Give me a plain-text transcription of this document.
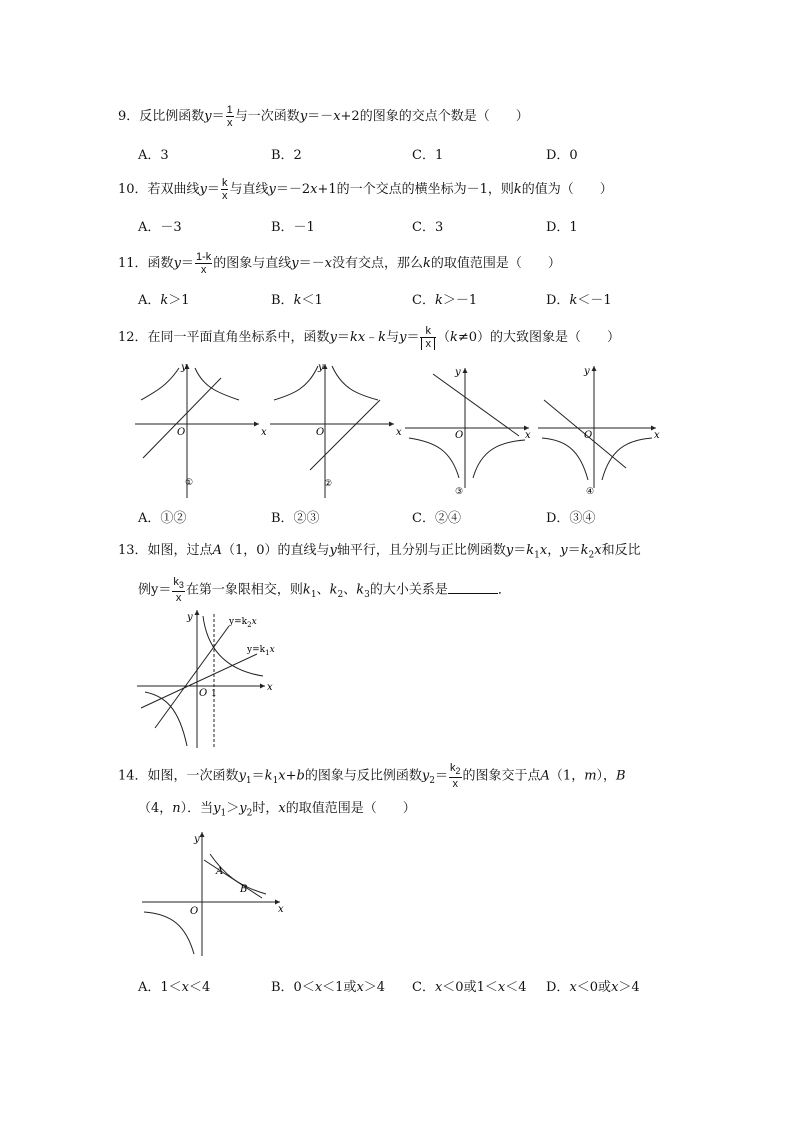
9．反比例函数$y= \frac{1}{x}$ 与一次函数y＝－x+2的图象的交点个数是（　　）
A．3	B．2	C．1	D．0
10．若双曲线$y= \frac{k}{x}$ 与直线y＝－2x+1的一个交点的横坐标为－1，则k的值为（　　）
A．－3	B．－1	C．3	D．1
11．函数$y= \frac{1-k}{x}$ 的图象与直线y＝－x没有交点，那么k的取值范围是（　　）
A．k＞1	B．k＜1	C．k＞－1	D．k＜－1
12．在同一平面直角坐标系中，函数y＝kx﹣k与$y= \frac{k}{x} (k\ne 0)$的大致图象是（　　）
x
y
O
①
x
y
O
②
x
y
O
③
x
y
O
④
A．①②	B．②③	C．②④	D．③④
13．如图，过点A（1，0）的直线与y轴平行，且分别与正比例函数$y=k_1x$，$y=k_2x$和反比
例$y= \frac{k_3}{x}$ 在第一象限相交，则$k_1$、$k_2$、$k_3$的大小关系是	．
y
x
O 1
$y=k_2x$
$y=k_1x$
14．如图，一次函数$y_1=k_1x+b$的图象与反比例函数$y_2= \frac{k_2}{x}$ 的图象交于点A（1，m），B
（4，n）．当$y_1>y_2$时，x的取值范围是（　　）
y
x
O
A
B
A．1＜x＜4	B．0＜x＜1或x＞4 C．x＜0或1＜x＜4 D．x＜0或x＞4
